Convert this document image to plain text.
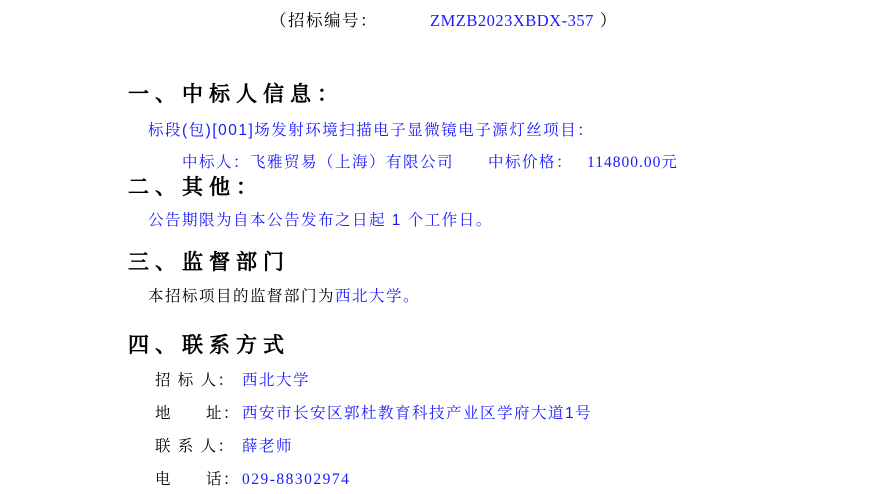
（招标编号：	ZMZB2023XBDX-357 ）
一、中标人信息：
标段(包)[001]场发射环境扫描电子显微镜电子源灯丝项目：
中标人：飞雅贸易（上海）有限公司 中标价格： 114800.00元
二、其他：
公告期限为自本公告发布之日起 1 个工作日。
三、监督部门
本招标项目的监督部门为西北大学。
四、联系方式
招 标 人： 西北大学
地　　址： 西安市长安区郭杜教育科技产业区学府大道1号
联 系 人： 薛老师
电　　话： 029-88302974
